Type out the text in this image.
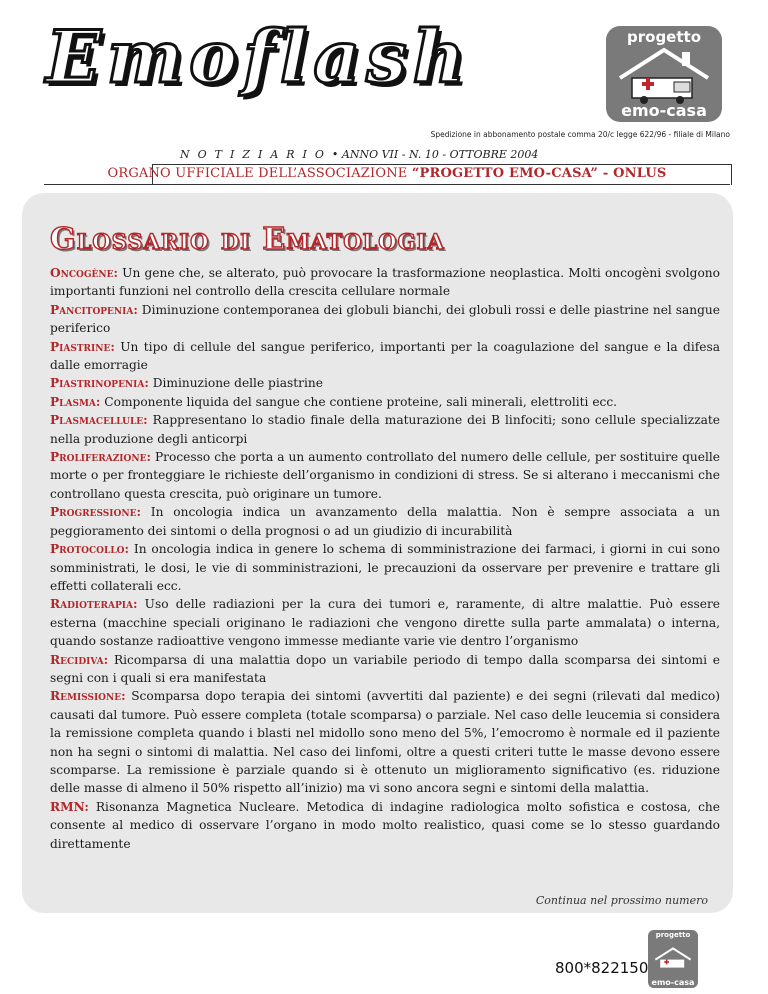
Emoflash	progetto
emo-casa

Spedizione in abbonamento postale comma 20/c legge 622/96 - filiale di Milano

NOTIZIARIO• ANNO VII - N. 10 - OTTOBRE 2004

ORGANO UFFICIALE DELL’ASSOCIAZIONE “PROGETTO EMO-CASA” - ONLUS

Glossario di Ematologia

Oncogène: Un gene che, se alterato, può provocare la trasformazione neoplastica. Molti oncogèni svolgono importanti funzioni nel controllo della crescita cellulare normale

Pancitopenia: Diminuzione contemporanea dei globuli bianchi, dei globuli rossi e delle piastrine nel sangue periferico

Piastrine: Un tipo di cellule del sangue periferico, importanti per la coagulazione del sangue e la difesa dalle emorragie

Piastrinopenia: Diminuzione delle piastrine

Plasma: Componente liquida del sangue che contiene proteine, sali minerali, elettroliti ecc.

Plasmacellule: Rappresentano lo stadio finale della maturazione dei B linfociti; sono cellule specializzate nella produzione degli anticorpi

Proliferazione: Processo che porta a un aumento controllato del numero delle cellule, per sostituire quelle morte o per fronteggiare le richieste dell’organismo in condizioni di stress. Se si alterano i meccanismi che controllano questa crescita, può originare un tumore.

Progressione: In oncologia indica un avanzamento della malattia. Non è sempre associata a un peggioramento dei sintomi o della prognosi o ad un giudizio di incurabilità

Protocollo: In oncologia indica in genere lo schema di somministrazione dei farmaci, i giorni in cui sono somministrati, le dosi, le vie di somministrazioni, le precauzioni da osservare per prevenire e trattare gli effetti collaterali ecc.

Radioterapia: Uso delle radiazioni per la cura dei tumori e, raramente, di altre malattie. Può essere esterna (macchine speciali originano le radiazioni che vengono dirette sulla parte ammalata) o interna, quando sostanze radioattive vengono immesse mediante varie vie dentro l’organismo

Recidiva: Ricomparsa di una malattia dopo un variabile periodo di tempo dalla scomparsa dei sintomi e segni con i quali si era manifestata

Remissione: Scomparsa dopo terapia dei sintomi (avvertiti dal paziente) e dei segni (rilevati dal medico) causati dal tumore. Può essere completa (totale scomparsa) o parziale. Nel caso delle leucemia si considera la remissione completa quando i blasti nel midollo sono meno del 5%, l’emocromo è normale ed il paziente non ha segni o sintomi di malattia. Nel caso dei linfomi, oltre a questi criteri tutte le masse devono essere scomparse. La remissione è parziale quando si è ottenuto un miglioramento significativo (es. riduzione delle masse di almeno il 50% rispetto all’inizio) ma vi sono ancora segni e sintomi della malattia.

RMN: Risonanza Magnetica Nucleare. Metodica di indagine radiologica molto sofistica e costosa, che consente al medico di osservare l’organo in modo molto realistico, quasi come se lo stesso guardando direttamente

Continua nel prossimo numero

800*822150

progetto
emo-casa
